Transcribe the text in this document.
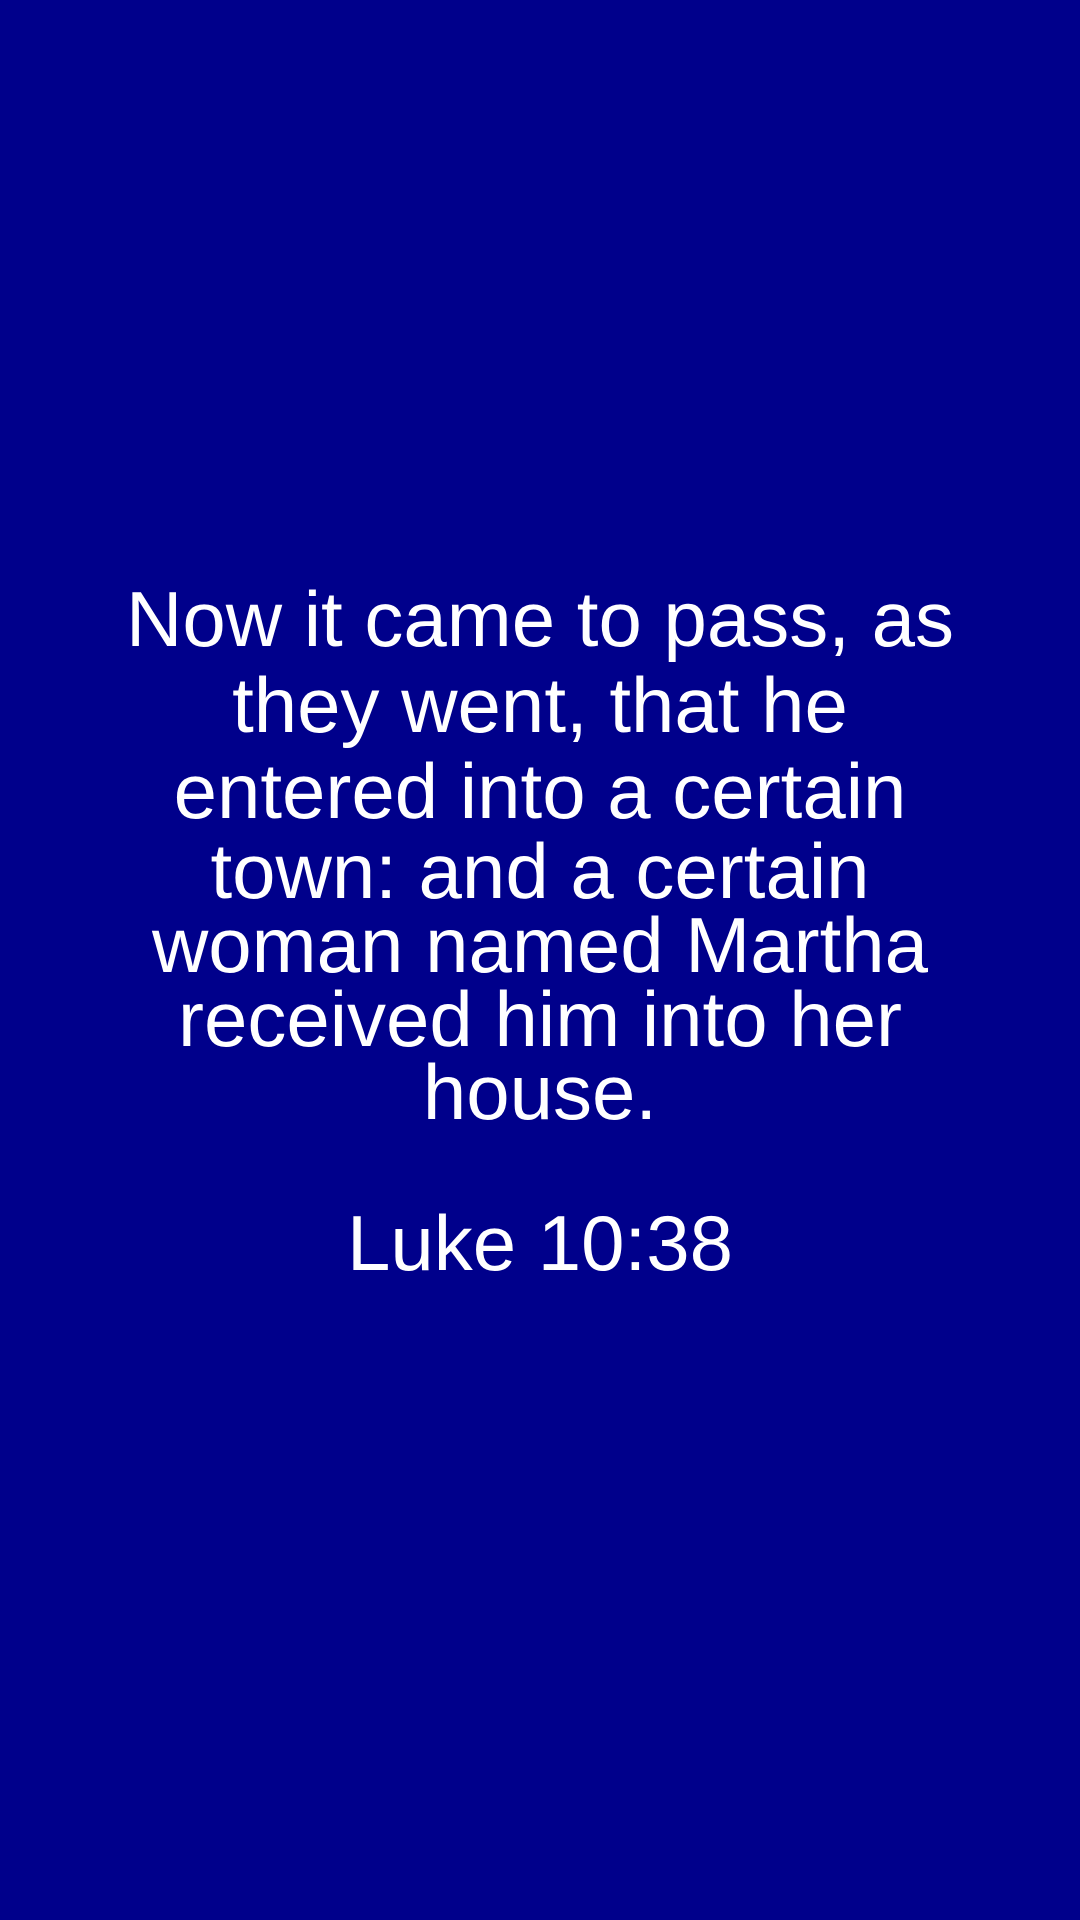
Now it came to pass, as
they went, that he
entered into a certain
town: and a certain
woman named Martha
received him into her
house.
Luke 10:38
